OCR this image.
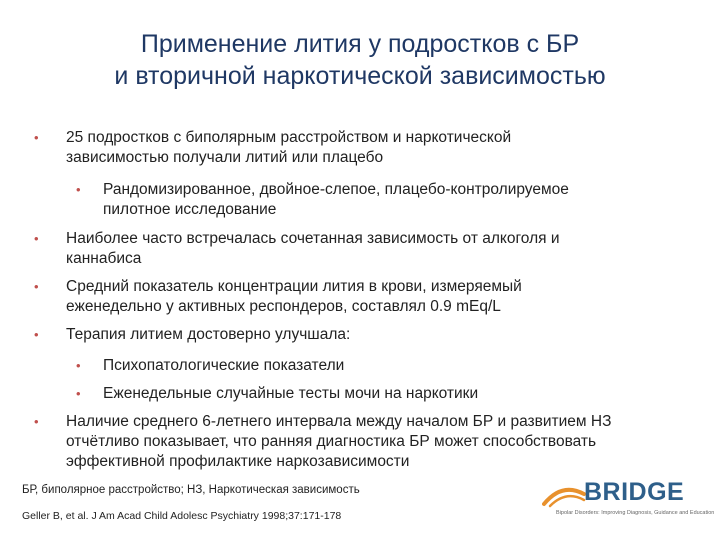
Применение лития у подростков с БР
и вторичной наркотической зависимостью
• 25 подростков с биполярным расстройством и наркотической
зависимостью получали литий или плацебо
• Рандомизированное, двойное-слепое, плацебо-контролируемое
пилотное исследование
• Наиболее часто встречалась сочетанная зависимость от алкоголя и
каннабиса
• Средний показатель концентрации лития в крови, измеряемый
еженедельно у активных респондеров, составлял 0.9 mEq/L
• Терапия литием достоверно улучшала:
• Психопатологические показатели
• Еженедельные случайные тесты мочи на наркотики
• Наличие среднего 6-летнего интервала между началом БР и развитием НЗ
отчётливо показывает, что ранняя диагностика БР может способствовать
эффективной профилактике наркозависимости
БР, биполярное расстройство; НЗ, Наркотическая зависимость
Geller B, et al. J Am Acad Child Adolesc Psychiatry 1998;37:171-178
BRIDGE
Bipolar Disorders: Improving Diagnosis, Guidance and Education
